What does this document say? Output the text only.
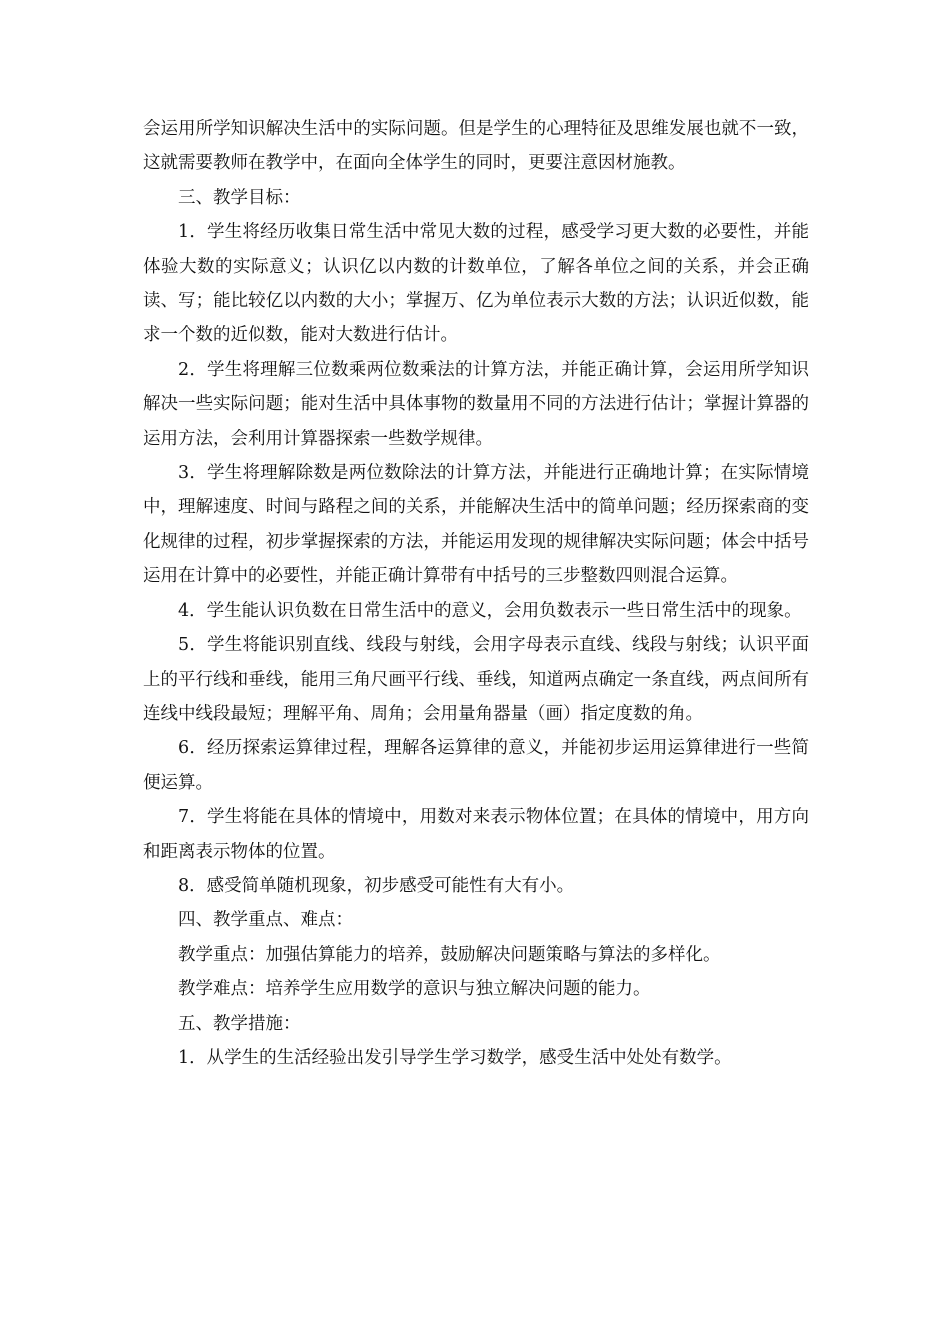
会运用所学知识解决生活中的实际问题。但是学生的心理特征及思维发展也就不一致，这就需要教师在教学中，在面向全体学生的同时，更要注意因材施教。

三、教学目标：

1．学生将经历收集日常生活中常见大数的过程，感受学习更大数的必要性，并能体验大数的实际意义；认识亿以内数的计数单位，了解各单位之间的关系，并会正确读、写；能比较亿以内数的大小；掌握万、亿为单位表示大数的方法；认识近似数，能求一个数的近似数，能对大数进行估计。

2．学生将理解三位数乘两位数乘法的计算方法，并能正确计算，会运用所学知识解决一些实际问题；能对生活中具体事物的数量用不同的方法进行估计；掌握计算器的运用方法，会利用计算器探索一些数学规律。

3．学生将理解除数是两位数除法的计算方法，并能进行正确地计算；在实际情境中，理解速度、时间与路程之间的关系，并能解决生活中的简单问题；经历探索商的变化规律的过程，初步掌握探索的方法，并能运用发现的规律解决实际问题；体会中括号运用在计算中的必要性，并能正确计算带有中括号的三步整数四则混合运算。

4．学生能认识负数在日常生活中的意义，会用负数表示一些日常生活中的现象。

5．学生将能识别直线、线段与射线，会用字母表示直线、线段与射线；认识平面上的平行线和垂线，能用三角尺画平行线、垂线，知道两点确定一条直线，两点间所有连线中线段最短；理解平角、周角；会用量角器量（画）指定度数的角。

6．经历探索运算律过程，理解各运算律的意义，并能初步运用运算律进行一些简便运算。

7．学生将能在具体的情境中，用数对来表示物体位置；在具体的情境中，用方向和距离表示物体的位置。

8．感受简单随机现象，初步感受可能性有大有小。

四、教学重点、难点：

教学重点：加强估算能力的培养，鼓励解决问题策略与算法的多样化。

教学难点：培养学生应用数学的意识与独立解决问题的能力。

五、教学措施：

1．从学生的生活经验出发引导学生学习数学，感受生活中处处有数学。
